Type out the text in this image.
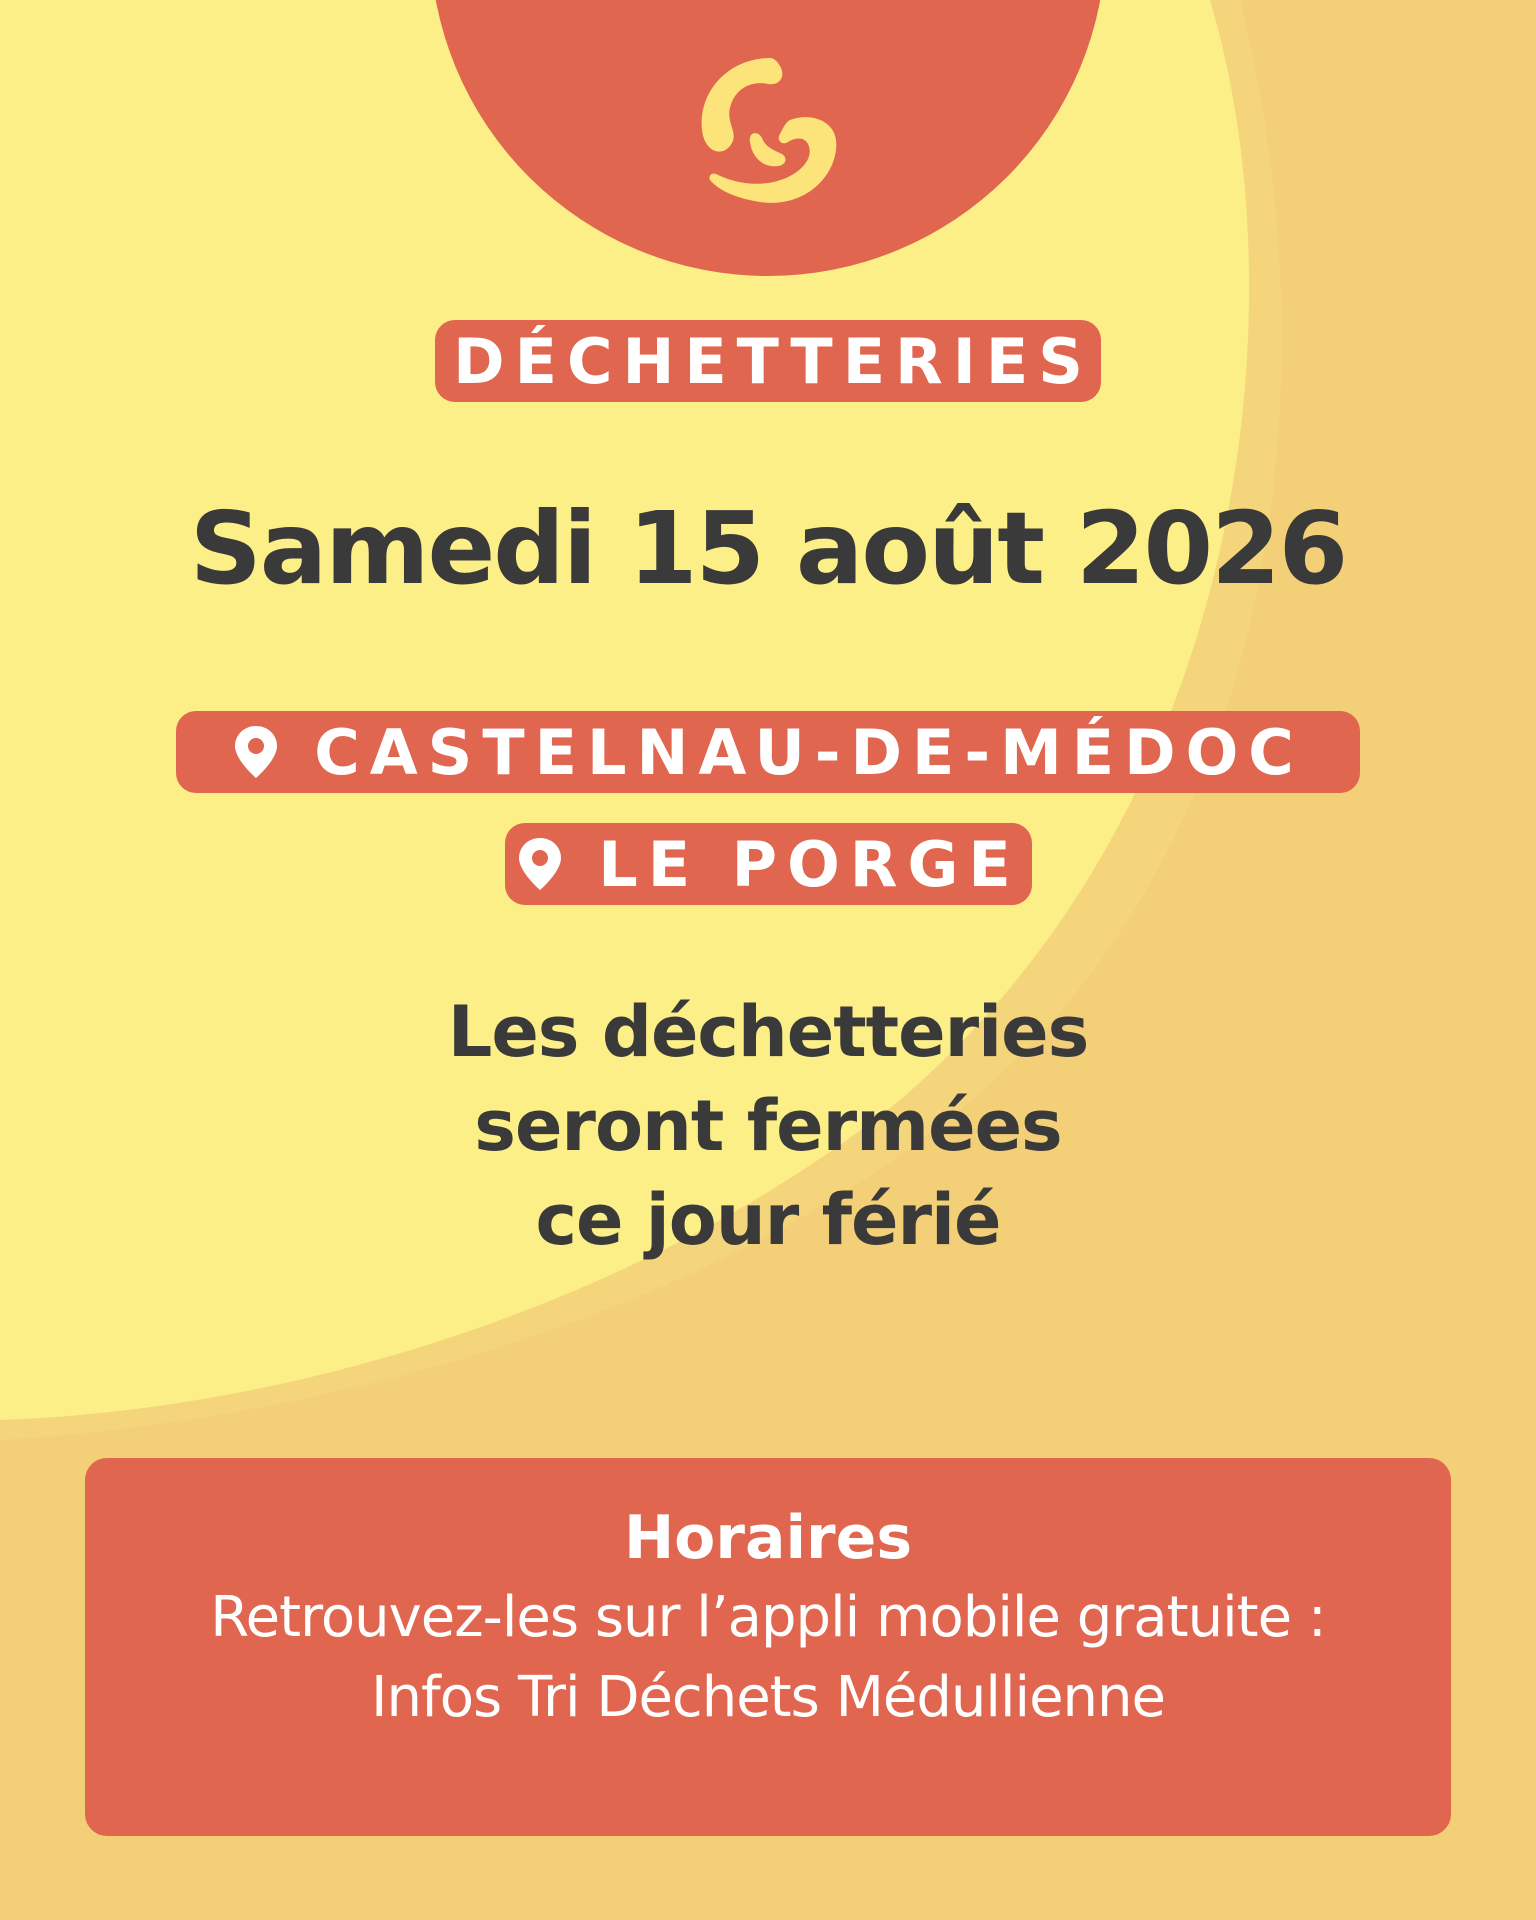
DÉCHETTERIES
Samedi 15 août 2026
CASTELNAU-DE-MÉDOC
LE PORGE
Les déchetteries
seront fermées
ce jour férié
Horaires
Retrouvez-les sur l’appli mobile gratuite :
Infos Tri Déchets Médullienne
